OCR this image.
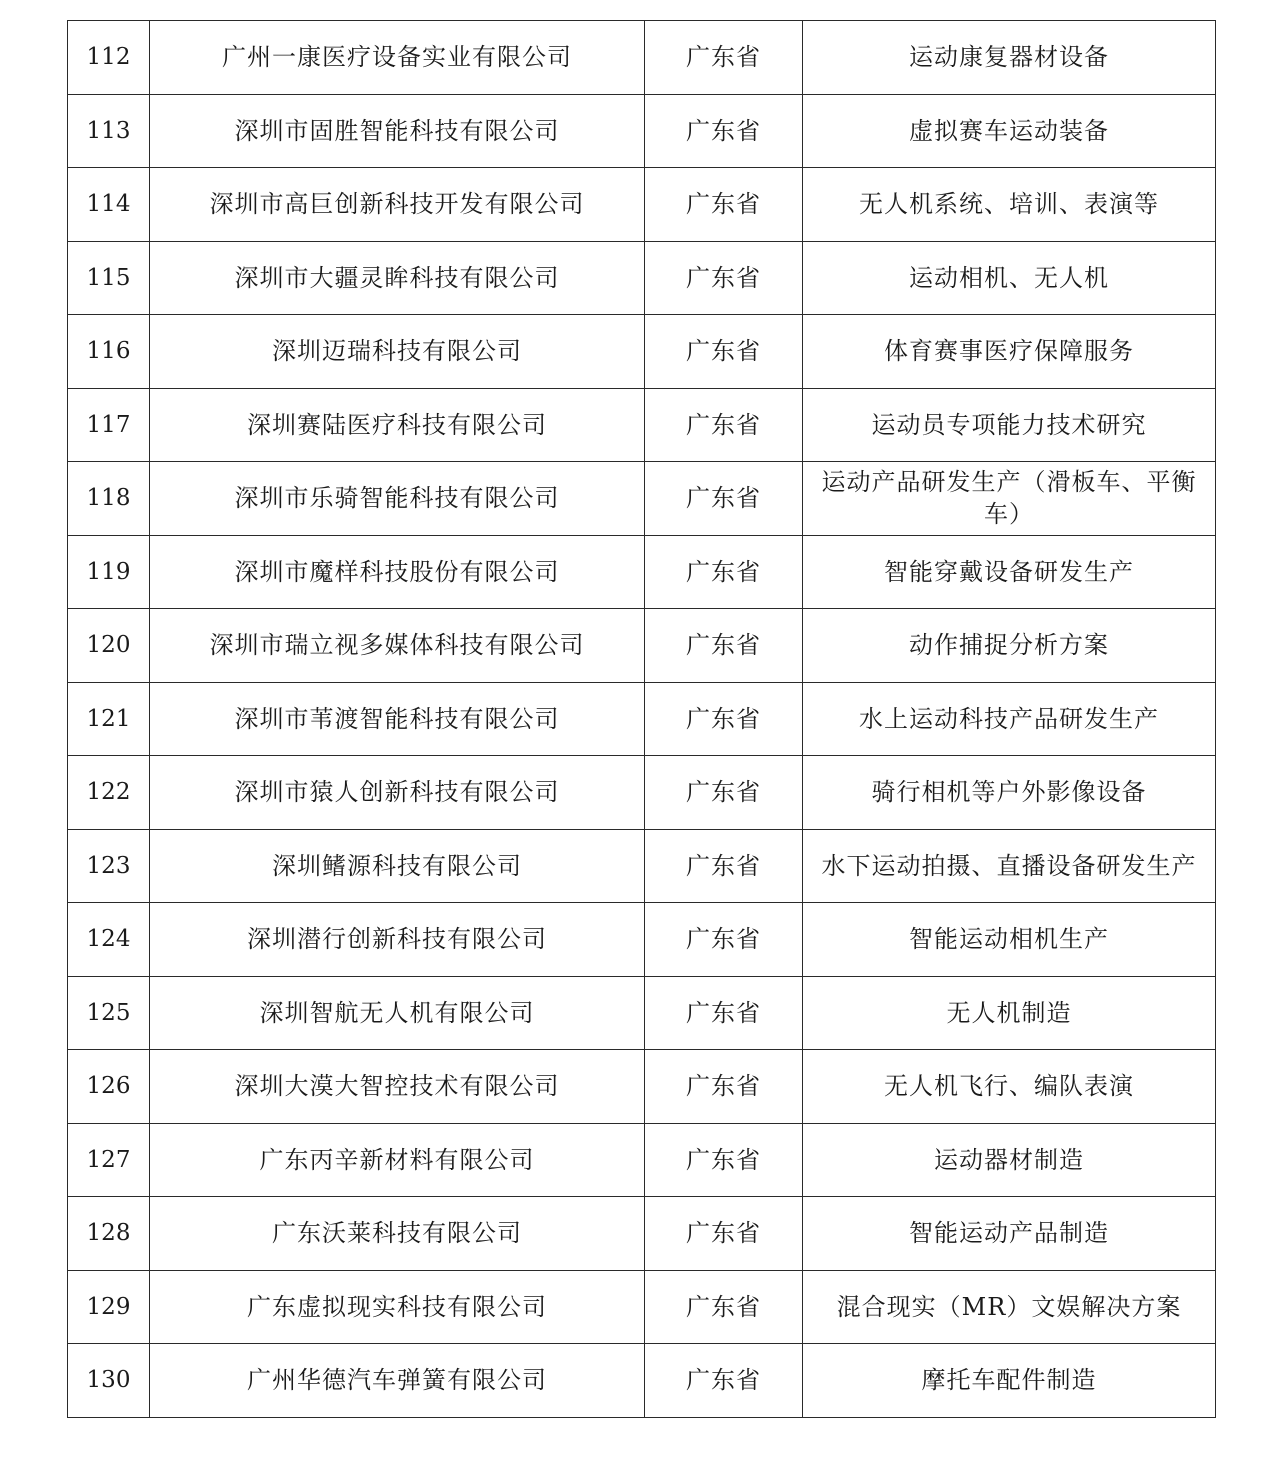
112	广州一康医疗设备实业有限公司	广东省	运动康复器材设备
113	深圳市固胜智能科技有限公司	广东省	虚拟赛车运动装备
114	深圳市高巨创新科技开发有限公司	广东省	无人机系统、培训、表演等
115	深圳市大疆灵眸科技有限公司	广东省	运动相机、无人机
116	深圳迈瑞科技有限公司	广东省	体育赛事医疗保障服务
117	深圳赛陆医疗科技有限公司	广东省	运动员专项能力技术研究
118	深圳市乐骑智能科技有限公司	广东省	运动产品研发生产（滑板车、平衡车）
119	深圳市魔样科技股份有限公司	广东省	智能穿戴设备研发生产
120	深圳市瑞立视多媒体科技有限公司	广东省	动作捕捉分析方案
121	深圳市苇渡智能科技有限公司	广东省	水上运动科技产品研发生产
122	深圳市猿人创新科技有限公司	广东省	骑行相机等户外影像设备
123	深圳鳍源科技有限公司	广东省	水下运动拍摄、直播设备研发生产
124	深圳潜行创新科技有限公司	广东省	智能运动相机生产
125	深圳智航无人机有限公司	广东省	无人机制造
126	深圳大漠大智控技术有限公司	广东省	无人机飞行、编队表演
127	广东丙辛新材料有限公司	广东省	运动器材制造
128	广东沃莱科技有限公司	广东省	智能运动产品制造
129	广东虚拟现实科技有限公司	广东省	混合现实（MR）文娱解决方案
130	广州华德汽车弹簧有限公司	广东省	摩托车配件制造
